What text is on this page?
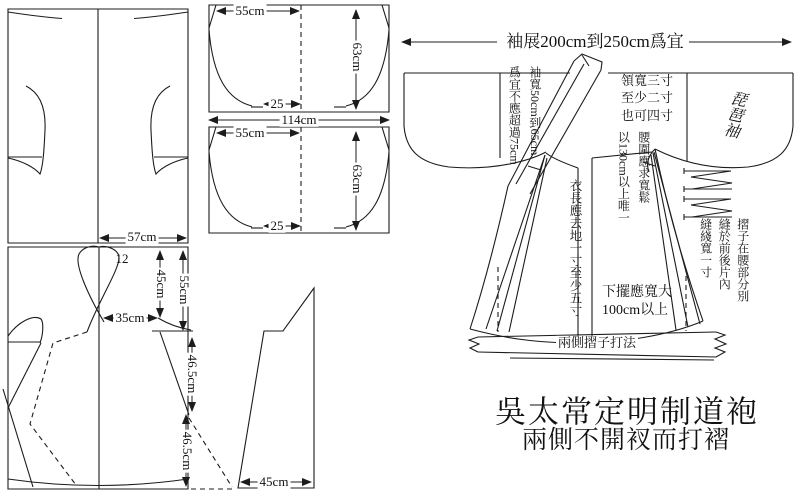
57cm
12
45cm 55cm
35cm
46.5cm
46.5cm
55cm
63cm
25
114cm
55cm
63cm
25
45cm
袖展200cm到250cm爲宜
袖寬50cm到65cm
爲宜不應超過75cm	領寬三寸
至少二寸
也可四寸	琵琶袖
衣長應去地一寸至少五寸
腰圍應求寬鬆
以130cm以上唯一
下擺應寬大
100cm以上
摺子在腰部分別
縫於前後片內
縫綫寬一寸
兩側摺子打法
吳太常定明制道袍
兩側不開衩而打褶
